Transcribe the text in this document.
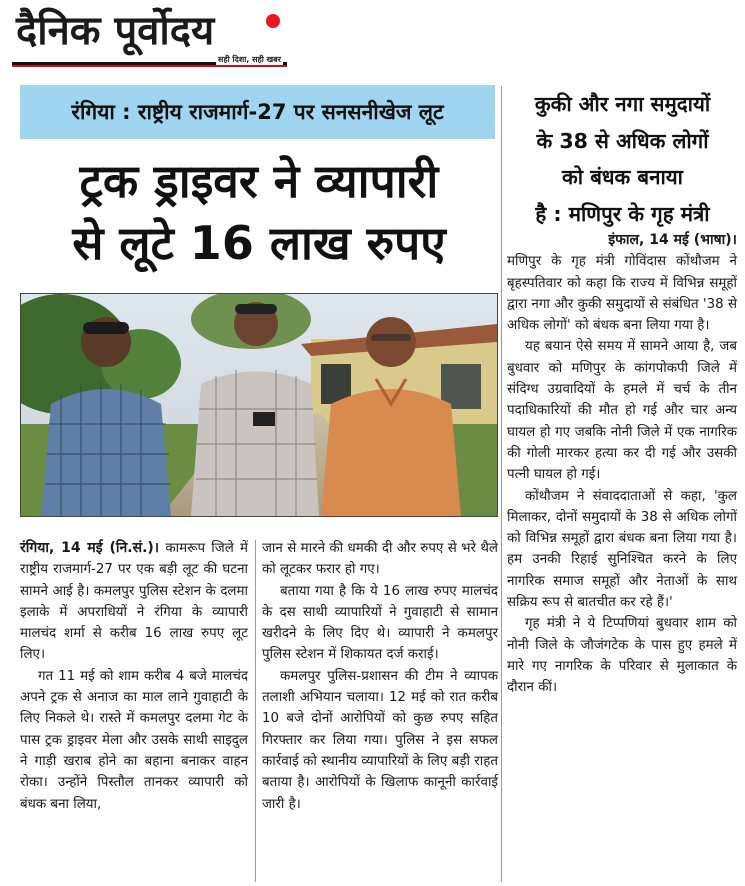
दैनिक पूर्वोदय
सही दिशा, सही खबर
रंगिया : राष्ट्रीय राजमार्ग-27 पर सनसनीखेज लूट
ट्रक ड्राइवर ने व्यापारी
से लूटे 16 लाख रुपए

रंगिया, 14 मई (नि.सं.)। कामरूप जिले में राष्ट्रीय राजमार्ग-27 पर एक बड़ी लूट की घटना सामने आई है। कमलपुर पुलिस स्टेशन के दलमा इलाके में अपराधियों ने रंगिया के व्यापारी मालचंद शर्मा से करीब 16 लाख रुपए लूट लिए।

गत 11 मई को शाम करीब 4 बजे मालचंद अपने ट्रक से अनाज का माल लाने गुवाहाटी के लिए निकले थे। रास्ते में कमलपुर दलमा गेट के पास ट्रक ड्राइवर मेला और उसके साथी साइदुल ने गाड़ी खराब होने का बहाना बनाकर वाहन रोका। उन्होंने पिस्तौल तानकर व्यापारी को बंधक बना लिया,

जान से मारने की धमकी दी और रुपए से भरे थैले को लूटकर फरार हो गए।

बताया गया है कि ये 16 लाख रुपए मालचंद के दस साथी व्यापारियों ने गुवाहाटी से सामान खरीदने के लिए दिए थे। व्यापारी ने कमलपुर पुलिस स्टेशन में शिकायत दर्ज कराई।

कमलपुर पुलिस-प्रशासन की टीम ने व्यापक तलाशी अभियान चलाया। 12 मई को रात करीब 10 बजे दोनों आरोपियों को कुछ रुपए सहित गिरफ्तार कर लिया गया। पुलिस ने इस सफल कार्रवाई को स्थानीय व्यापारियों के लिए बड़ी राहत बताया है। आरोपियों के खिलाफ कानूनी कार्रवाई जारी है।

कुकी और नगा समुदायों
के 38 से अधिक लोगों
को बंधक बनाया
है : मणिपुर के गृह मंत्री

इंफाल, 14 मई (भाषा)।

मणिपुर के गृह मंत्री गोविंदास कोंथौजम ने बृहस्पतिवार को कहा कि राज्य में विभिन्न समूहों द्वारा नगा और कुकी समुदायों से संबंधित '38 से अधिक लोगों' को बंधक बना लिया गया है।

यह बयान ऐसे समय में सामने आया है, जब बुधवार को मणिपुर के कांगपोकपी जिले में संदिग्ध उग्रवादियों के हमले में चर्च के तीन पदाधिकारियों की मौत हो गई और चार अन्य घायल हो गए जबकि नोनी जिले में एक नागरिक की गोली मारकर हत्या कर दी गई और उसकी पत्नी घायल हो गई।

कोंथौजम ने संवाददाताओं से कहा, 'कुल मिलाकर, दोनों समुदायों के 38 से अधिक लोगों को विभिन्न समूहों द्वारा बंधक बना लिया गया है। हम उनकी रिहाई सुनिश्चित करने के लिए नागरिक समाज समूहों और नेताओं के साथ सक्रिय रूप से बातचीत कर रहे हैं।'

गृह मंत्री ने ये टिप्पणियां बुधवार शाम को नोनी जिले के जौजंगटेक के पास हुए हमले में मारे गए नागरिक के परिवार से मुलाकात के दौरान कीं।
